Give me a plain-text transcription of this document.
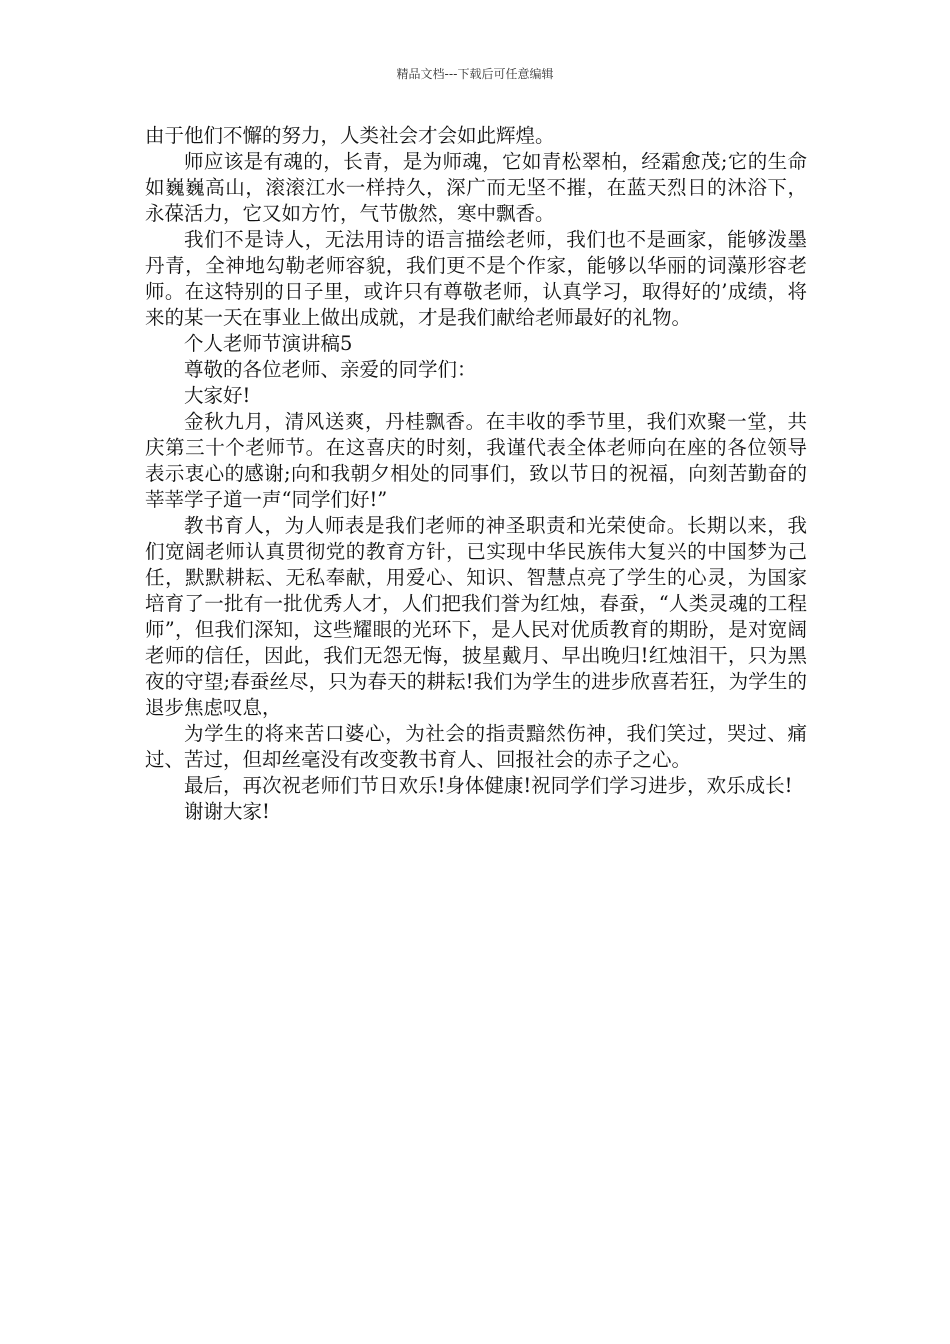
精品文档---下载后可任意编辑

由于他们不懈的努力，人类社会才会如此辉煌。

师应该是有魂的，长青，是为师魂，它如青松翠柏，经霜愈茂;它的生命如巍巍高山，滚滚江水一样持久，深广而无坚不摧，在蓝天烈日的沐浴下，永葆活力，它又如方竹，气节傲然，寒中飘香。

我们不是诗人，无法用诗的语言描绘老师，我们也不是画家，能够泼墨丹青，全神地勾勒老师容貌，我们更不是个作家，能够以华丽的词藻形容老师。在这特别的日子里，或许只有尊敬老师，认真学习，取得好的’成绩，将来的某一天在事业上做出成就，才是我们献给老师最好的礼物。

个人老师节演讲稿5

尊敬的各位老师、亲爱的同学们：

大家好!

金秋九月，清风送爽，丹桂飘香。在丰收的季节里，我们欢聚一堂，共庆第三十个老师节。在这喜庆的时刻，我谨代表全体老师向在座的各位领导表示衷心的感谢;向和我朝夕相处的同事们，致以节日的祝福，向刻苦勤奋的莘莘学子道一声“同学们好!”

教书育人，为人师表是我们老师的神圣职责和光荣使命。长期以来，我们宽阔老师认真贯彻党的教育方针，已实现中华民族伟大复兴的中国梦为己任，默默耕耘、无私奉献，用爱心、知识、智慧点亮了学生的心灵，为国家培育了一批有一批优秀人才，人们把我们誉为红烛，春蚕，“人类灵魂的工程师”，但我们深知，这些耀眼的光环下，是人民对优质教育的期盼，是对宽阔老师的信任，因此，我们无怨无悔，披星戴月、早出晚归!红烛泪干，只为黑夜的守望;春蚕丝尽，只为春天的耕耘!我们为学生的进步欣喜若狂，为学生的退步焦虑叹息，

为学生的将来苦口婆心，为社会的指责黯然伤神，我们笑过，哭过、痛过、苦过，但却丝毫没有改变教书育人、回报社会的赤子之心。

最后，再次祝老师们节日欢乐!身体健康!祝同学们学习进步，欢乐成长!

谢谢大家!
